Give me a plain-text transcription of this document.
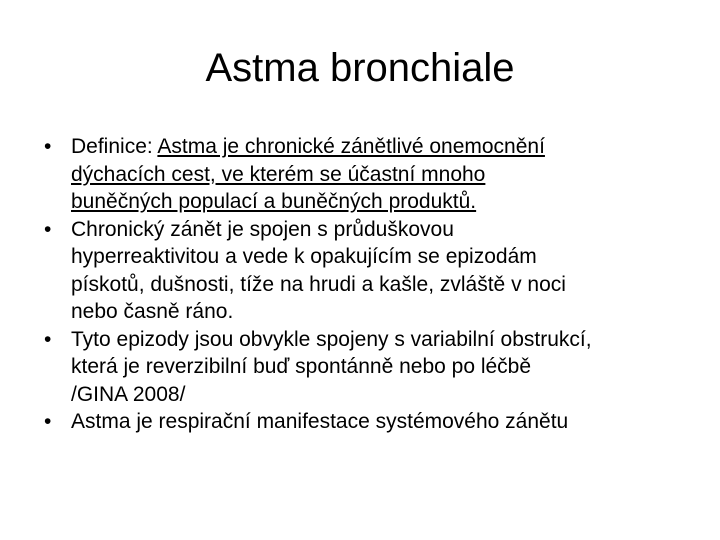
Astma bronchiale
• Definice: Astma je chronické zánětlivé onemocnění
dýchacích cest, ve kterém se účastní mnoho
buněčných populací a buněčných produktů.
• Chronický zánět je spojen s průduškovou
hyperreaktivitou a vede k opakujícím se epizodám
pískotů, dušnosti, tíže na hrudi a kašle, zvláště v noci
nebo časně ráno.
• Tyto epizody jsou obvykle spojeny s variabilní obstrukcí,
která je reverzibilní buď spontánně nebo po léčbě
/GINA 2008/
• Astma je respirační manifestace systémového zánětu
